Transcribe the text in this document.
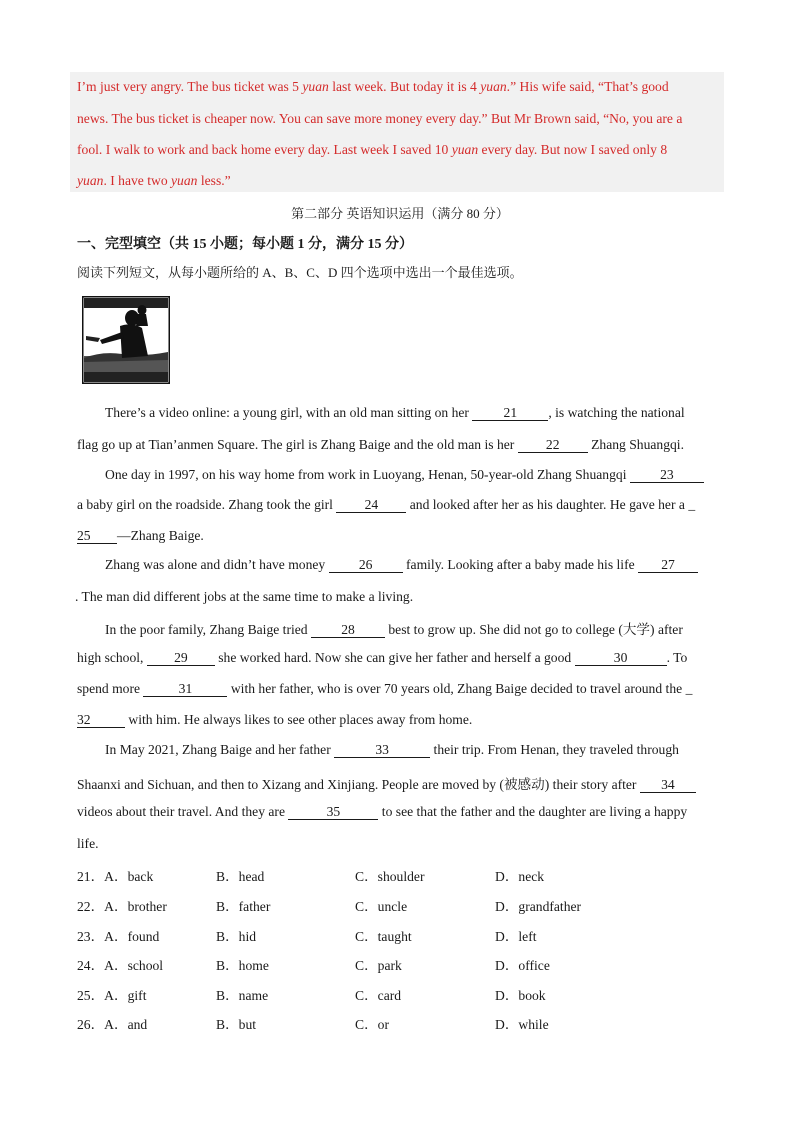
I’m just very angry. The bus ticket was 5 yuan last week. But today it is 4 yuan.” His wife said, “That’s good
news. The bus ticket is cheaper now. You can save more money every day.” But Mr Brown said, “No, you are a
fool. I walk to work and back home every day. Last week I saved 10 yuan every day. But now I saved only 8
yuan. I have two yuan less.”
第二部分 英语知识运用（满分 80 分）
一、完型填空（共 15 小题；每小题 1 分，满分 15 分）
阅读下列短文，从每小题所给的 A、B、C、D 四个选项中选出一个最佳选项。
There’s a video online: a young girl, with an old man sitting on her 21 , is watching the national
flag go up at Tian’anmen Square. The girl is Zhang Baige and the old man is her 22 Zhang Shuangqi.
One day in 1997, on his way home from work in Luoyang, Henan, 50-year-old Zhang Shuangqi 23
a baby girl on the roadside. Zhang took the girl 24 and looked after her as his daughter. He gave her a _
25 —Zhang Baige.
Zhang was alone and didn’t have money 26 family. Looking after a baby made his life 27
. The man did different jobs at the same time to make a living.
In the poor family, Zhang Baige tried 28 best to grow up. She did not go to college (大学) after
high school, 29 she worked hard. Now she can give her father and herself a good	30	. To
spend more	31	with her father, who is over 70 years old, Zhang Baige decided to travel around the _
32	with him. He always likes to see other places away from home.
In May 2021, Zhang Baige and her father	33	their trip. From Henan, they traveled through
Shaanxi and Sichuan, and then to Xizang and Xinjiang. People are moved by (被感动) their story after 34
videos about their travel. And they are	35	to see that the father and the daughter are living a happy
life.
21．A．back	B．head	C．shoulder	D．neck
22．A．brother	B．father	C．uncle	D．grandfather
23．A．found	B．hid	C．taught	D．left
24．A．school	B．home	C．park	D．office
25．A．gift	B．name	C．card	D．book
26．A．and	B．but	C．or	D．while
